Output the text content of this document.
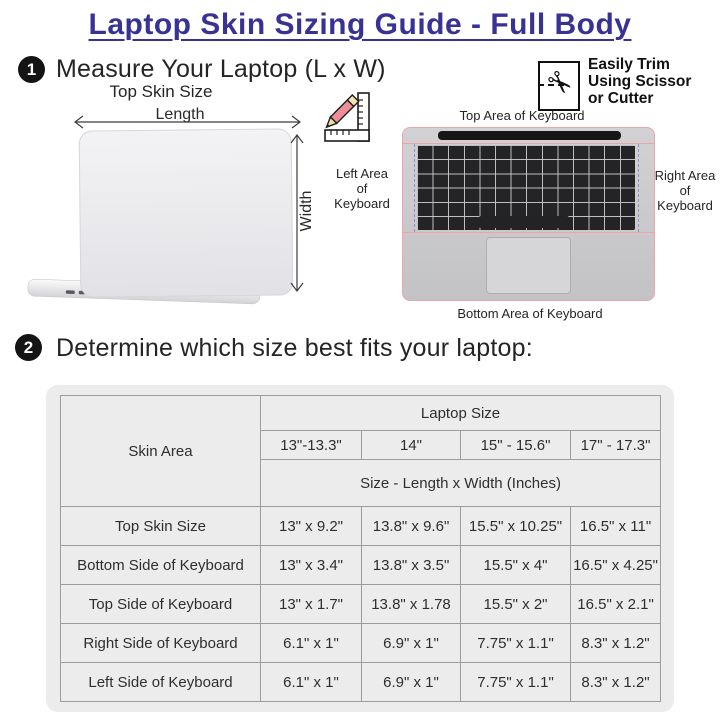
Laptop Skin Sizing Guide - Full Body
1 Measure Your Laptop (L x W)
Top Skin Size	✂ Easily Trim
Using Scissor
or Cutter
Length
Width
Top Area of Keyboard
Left Area
of
Keyboard
Right Area
of
Keyboard
Bottom Area of Keyboard
2 Determine which size best fits your laptop:
Skin Area	Laptop Size			
	13"-13.3"	14"	15" - 15.6"	17" - 17.3"
	Size - Length x Width (Inches)			
Top Skin Size	13" x 9.2"	13.8" x 9.6"	15.5" x 10.25"	16.5" x 11"
Bottom Side of Keyboard	13" x 3.4"	13.8" x 3.5"	15.5" x 4"	16.5" x 4.25"
Top Side of Keyboard	13" x 1.7"	13.8" x 1.78	15.5" x 2"	16.5" x 2.1"
Right Side of Keyboard	6.1" x 1"	6.9" x 1"	7.75" x 1.1"	8.3" x 1.2"
Left Side of Keyboard	6.1" x 1"	6.9" x 1"	7.75" x 1.1"	8.3" x 1.2"
